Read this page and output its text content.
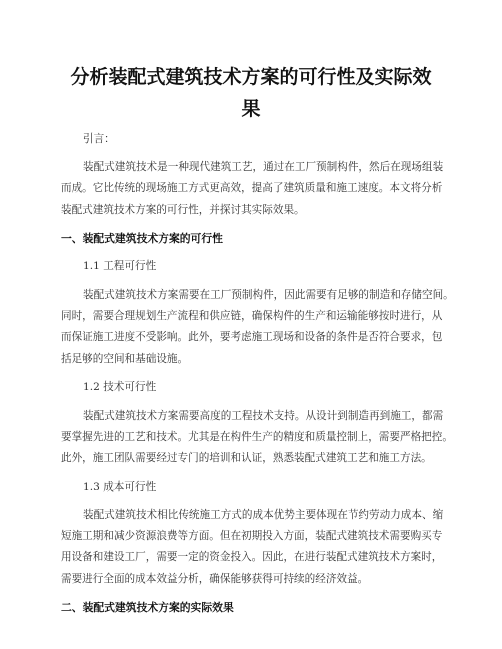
分析装配式建筑技术方案的可行性及实际效
果

引言：

装配式建筑技术是一种现代建筑工艺，通过在工厂预制构件，然后在现场组装

而成。它比传统的现场施工方式更高效，提高了建筑质量和施工速度。本文将分析

装配式建筑技术方案的可行性，并探讨其实际效果。

一、装配式建筑技术方案的可行性

1.1 工程可行性

装配式建筑技术方案需要在工厂预制构件，因此需要有足够的制造和存储空间。

同时，需要合理规划生产流程和供应链，确保构件的生产和运输能够按时进行，从

而保证施工进度不受影响。此外，要考虑施工现场和设备的条件是否符合要求，包

括足够的空间和基础设施。

1.2 技术可行性

装配式建筑技术方案需要高度的工程技术支持。从设计到制造再到施工，都需

要掌握先进的工艺和技术。尤其是在构件生产的精度和质量控制上，需要严格把控。

此外，施工团队需要经过专门的培训和认证，熟悉装配式建筑工艺和施工方法。

1.3 成本可行性

装配式建筑技术相比传统施工方式的成本优势主要体现在节约劳动力成本、缩

短施工期和减少资源浪费等方面。但在初期投入方面，装配式建筑技术需要购买专

用设备和建设工厂，需要一定的资金投入。因此，在进行装配式建筑技术方案时，

需要进行全面的成本效益分析，确保能够获得可持续的经济效益。

二、装配式建筑技术方案的实际效果
